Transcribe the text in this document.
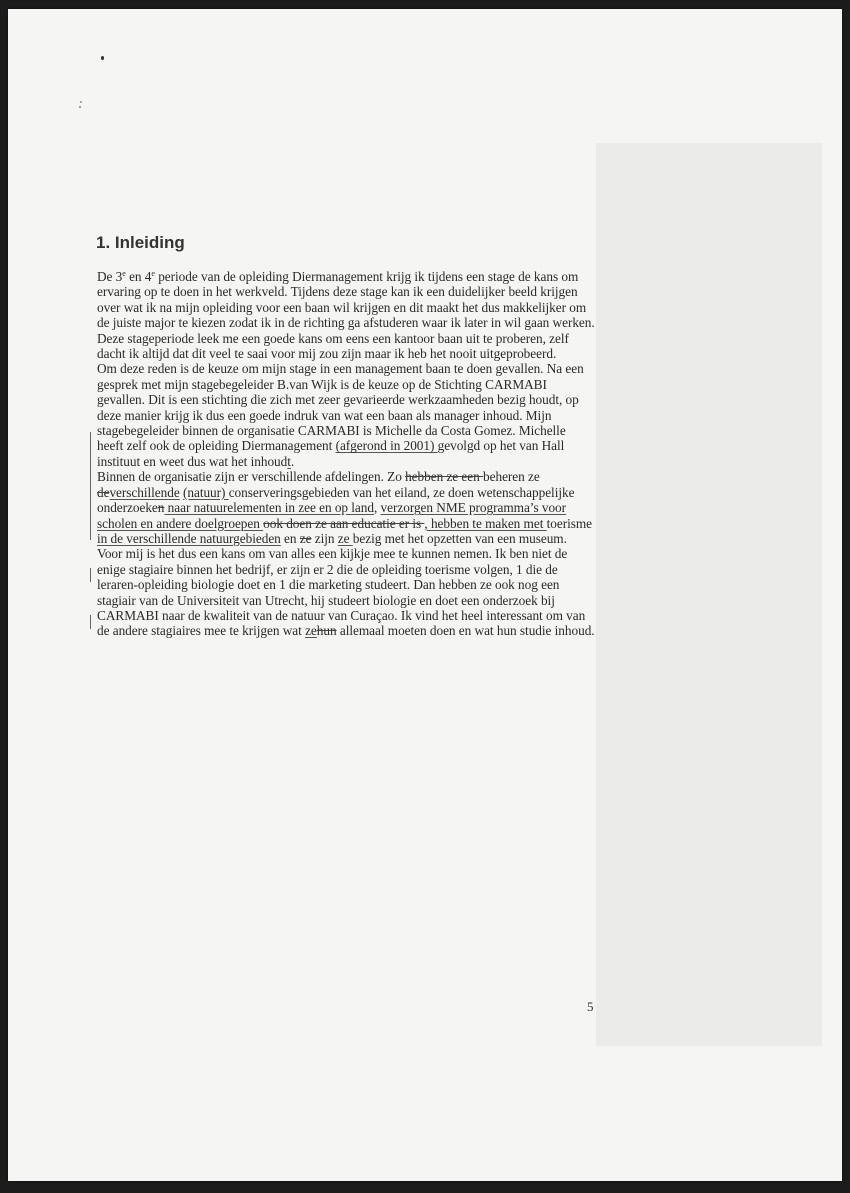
1. Inleiding
De 3e en 4e periode van de opleiding Diermanagement krijg ik tijdens een stage de kans om
ervaring op te doen in het werkveld. Tijdens deze stage kan ik een duidelijker beeld krijgen
over wat ik na mijn opleiding voor een baan wil krijgen en dit maakt het dus makkelijker om
de juiste major te kiezen zodat ik in de richting ga afstuderen waar ik later in wil gaan werken.
Deze stageperiode leek me een goede kans om eens een kantoor baan uit te proberen, zelf
dacht ik altijd dat dit veel te saai voor mij zou zijn maar ik heb het nooit uitgeprobeerd.
Om deze reden is de keuze om mijn stage in een management baan te doen gevallen. Na een
gesprek met mijn stagebegeleider B.van Wijk is de keuze op de Stichting CARMABI
gevallen. Dit is een stichting die zich met zeer gevarieerde werkzaamheden bezig houdt, op
deze manier krijg ik dus een goede indruk van wat een baan als manager inhoud. Mijn
stagebegeleider binnen de organisatie CARMABI is Michelle da Costa Gomez. Michelle
heeft zelf ook de opleiding Diermanagement (afgerond in 2001) gevolgd op het van Hall
instituut en weet dus wat het inhoudt.
Binnen de organisatie zijn er verschillende afdelingen. Zo hebben ze een beheren ze
deverschillende (natuur) conserveringsgebieden van het eiland, ze doen wetenschappelijke
onderzoeken naar natuurelementen in zee en op land, verzorgen NME programma’s voor
scholen en andere doelgroepen ook doen ze aan educatie er is , hebben te maken met toerisme
in de verschillende natuurgebieden en ze zijn ze bezig met het opzetten van een museum.
Voor mij is het dus een kans om van alles een kijkje mee te kunnen nemen. Ik ben niet de
enige stagiaire binnen het bedrijf, er zijn er 2 die de opleiding toerisme volgen, 1 die de
leraren-opleiding biologie doet en 1 die marketing studeert. Dan hebben ze ook nog een
stagiair van de Universiteit van Utrecht, hij studeert biologie en doet een onderzoek bij
CARMABI naar de kwaliteit van de natuur van Curaçao. Ik vind het heel interessant om van
de andere stagiaires mee te krijgen wat zehun allemaal moeten doen en wat hun studie inhoud.
5
